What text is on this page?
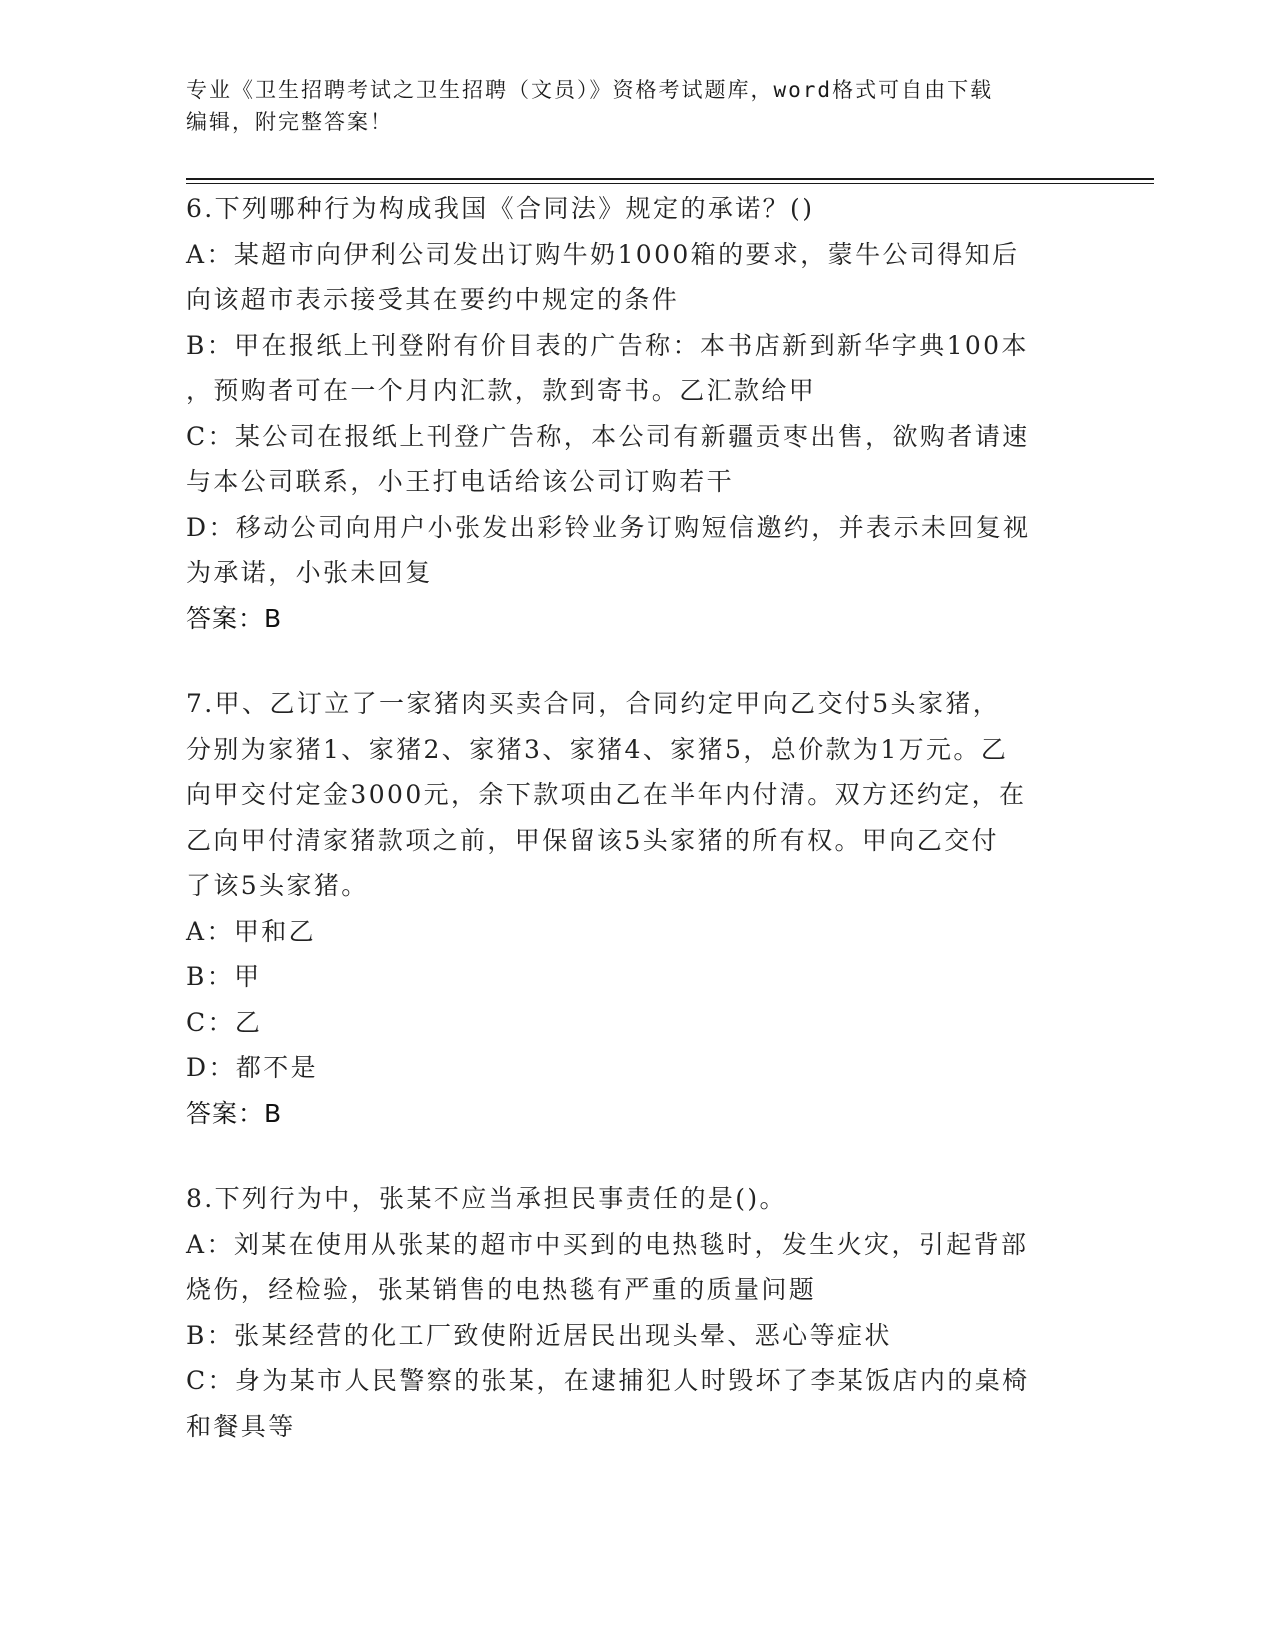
专业《卫生招聘考试之卫生招聘（文员）》资格考试题库，word格式可自由下载
编辑，附完整答案！
6.下列哪种行为构成我国《合同法》规定的承诺？()
A：某超市向伊利公司发出订购牛奶1000箱的要求，蒙牛公司得知后
向该超市表示接受其在要约中规定的条件
B：甲在报纸上刊登附有价目表的广告称：本书店新到新华字典100本
，预购者可在一个月内汇款，款到寄书。乙汇款给甲
C：某公司在报纸上刊登广告称，本公司有新疆贡枣出售，欲购者请速
与本公司联系，小王打电话给该公司订购若干
D：移动公司向用户小张发出彩铃业务订购短信邀约，并表示未回复视
为承诺，小张未回复
答案：B
7.甲、乙订立了一家猪肉买卖合同，合同约定甲向乙交付5头家猪，
分别为家猪1、家猪2、家猪3、家猪4、家猪5，总价款为1万元。乙
向甲交付定金3000元，余下款项由乙在半年内付清。双方还约定，在
乙向甲付清家猪款项之前，甲保留该5头家猪的所有权。甲向乙交付
了该5头家猪。
A：甲和乙
B：甲
C：乙
D：都不是
答案：B
8.下列行为中，张某不应当承担民事责任的是()。
A：刘某在使用从张某的超市中买到的电热毯时，发生火灾，引起背部
烧伤，经检验，张某销售的电热毯有严重的质量问题
B：张某经营的化工厂致使附近居民出现头晕、恶心等症状
C：身为某市人民警察的张某，在逮捕犯人时毁坏了李某饭店内的桌椅
和餐具等
